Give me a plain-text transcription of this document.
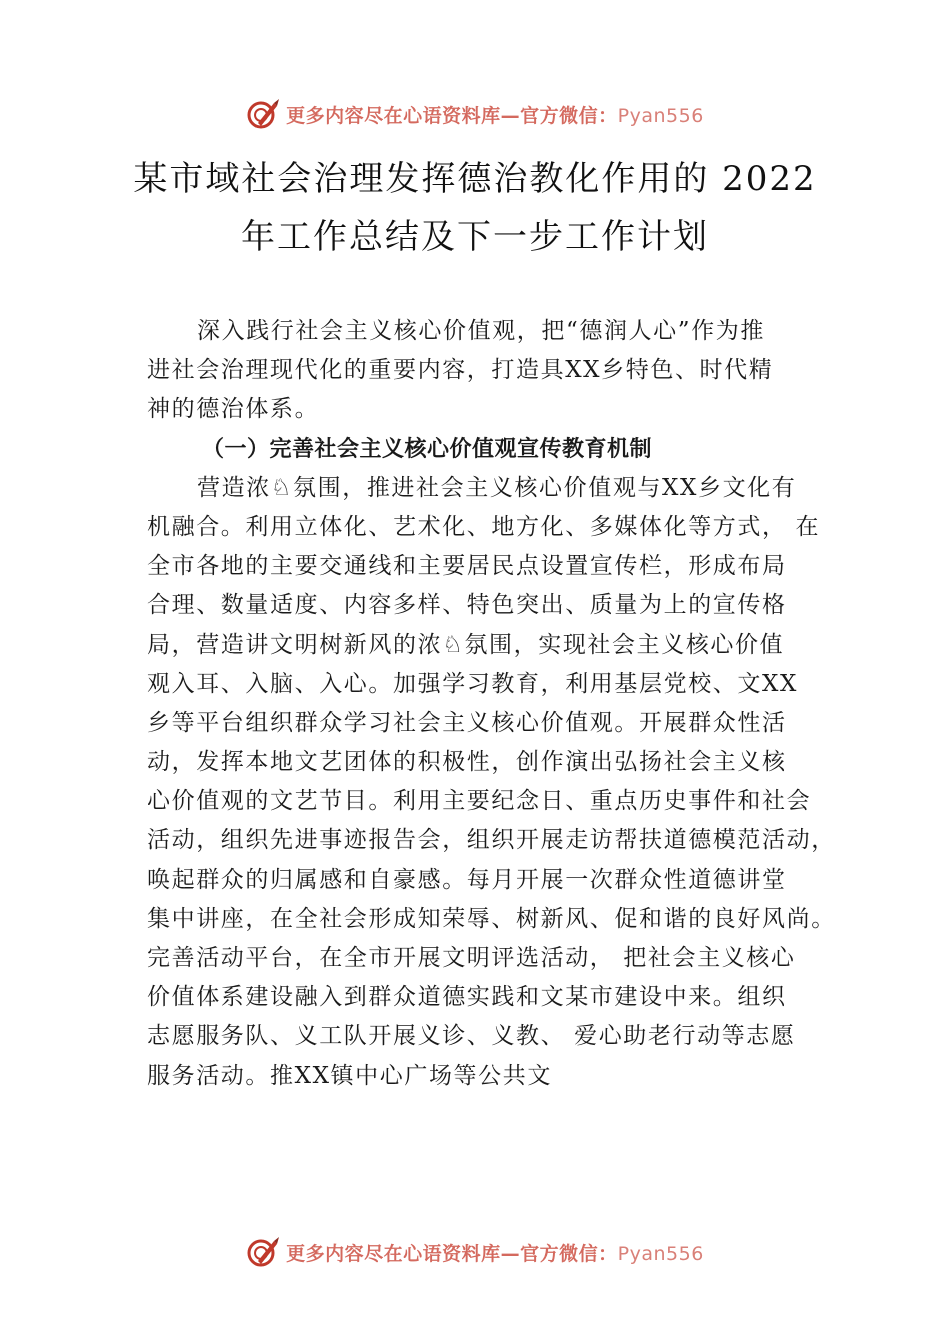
更多内容尽在心语资料库—官方微信：Pyan556
某市域社会治理发挥德治教化作用的 2022
年工作总结及下一步工作计划
深入践行社会主义核心价值观，把“德润人心”作为推
进社会治理现代化的重要内容，打造具XX乡特色、时代精
神的德治体系。
（一）完善社会主义核心价值观宣传教育机制
营造浓♘氛围，推进社会主义核心价值观与XX乡文化有
机融合。利用立体化、艺术化、地方化、多媒体化等方式， 在
全市各地的主要交通线和主要居民点设置宣传栏，形成布局
合理、数量适度、内容多样、特色突出、质量为上的宣传格
局，营造讲文明树新风的浓♘氛围，实现社会主义核心价值
观入耳、入脑、入心。加强学习教育，利用基层党校、文XX
乡等平台组织群众学习社会主义核心价值观。开展群众性活
动，发挥本地文艺团体的积极性，创作演出弘扬社会主义核
心价值观的文艺节目。利用主要纪念日、重点历史事件和社会
活动，组织先进事迹报告会，组织开展走访帮扶道德模范活动，
唤起群众的归属感和自豪感。每月开展一次群众性道德讲堂
集中讲座，在全社会形成知荣辱、树新风、促和谐的良好风尚。
完善活动平台，在全市开展文明评选活动， 把社会主义核心
价值体系建设融入到群众道德实践和文某市建设中来。组织
志愿服务队、义工队开展义诊、义教、 爱心助老行动等志愿
服务活动。推XX镇中心广场等公共文
更多内容尽在心语资料库—官方微信：Pyan556
